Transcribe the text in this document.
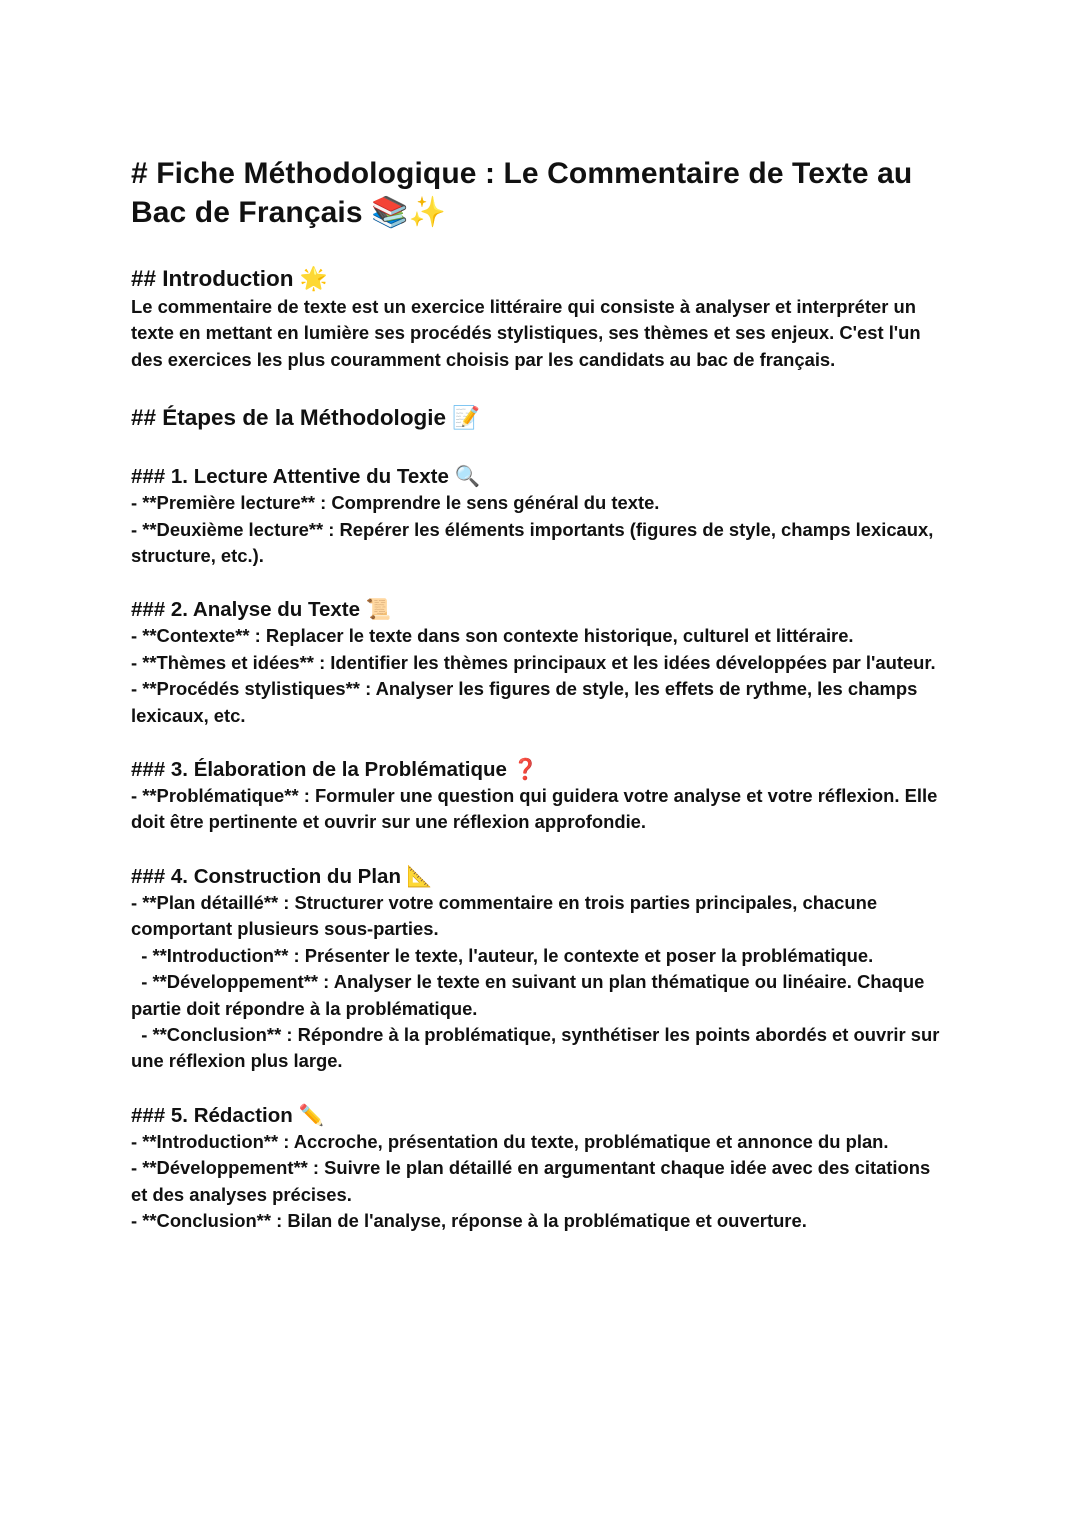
# Fiche Méthodologique : Le Commentaire de Texte au Bac de Français 📚✨
## Introduction 🌟

Le commentaire de texte est un exercice littéraire qui consiste à analyser et interpréter un texte en mettant en lumière ses procédés stylistiques, ses thèmes et ses enjeux. C'est l'un des exercices les plus couramment choisis par les candidats au bac de français.

## Étapes de la Méthodologie 📝
### 1. Lecture Attentive du Texte 🔍

- **Première lecture** : Comprendre le sens général du texte.

- **Deuxième lecture** : Repérer les éléments importants (figures de style, champs lexicaux, structure, etc.).

### 2. Analyse du Texte 📜

- **Contexte** : Replacer le texte dans son contexte historique, culturel et littéraire.

- **Thèmes et idées** : Identifier les thèmes principaux et les idées développées par l'auteur.

- **Procédés stylistiques** : Analyser les figures de style, les effets de rythme, les champs lexicaux, etc.

### 3. Élaboration de la Problématique ❓

- **Problématique** : Formuler une question qui guidera votre analyse et votre réflexion. Elle doit être pertinente et ouvrir sur une réflexion approfondie.

### 4. Construction du Plan 📐

- **Plan détaillé** : Structurer votre commentaire en trois parties principales, chacune comportant plusieurs sous-parties.

- **Introduction** : Présenter le texte, l'auteur, le contexte et poser la problématique.

- **Développement** : Analyser le texte en suivant un plan thématique ou linéaire. Chaque partie doit répondre à la problématique.

- **Conclusion** : Répondre à la problématique, synthétiser les points abordés et ouvrir sur une réflexion plus large.

### 5. Rédaction ✏️

- **Introduction** : Accroche, présentation du texte, problématique et annonce du plan.

- **Développement** : Suivre le plan détaillé en argumentant chaque idée avec des citations et des analyses précises.

- **Conclusion** : Bilan de l'analyse, réponse à la problématique et ouverture.
